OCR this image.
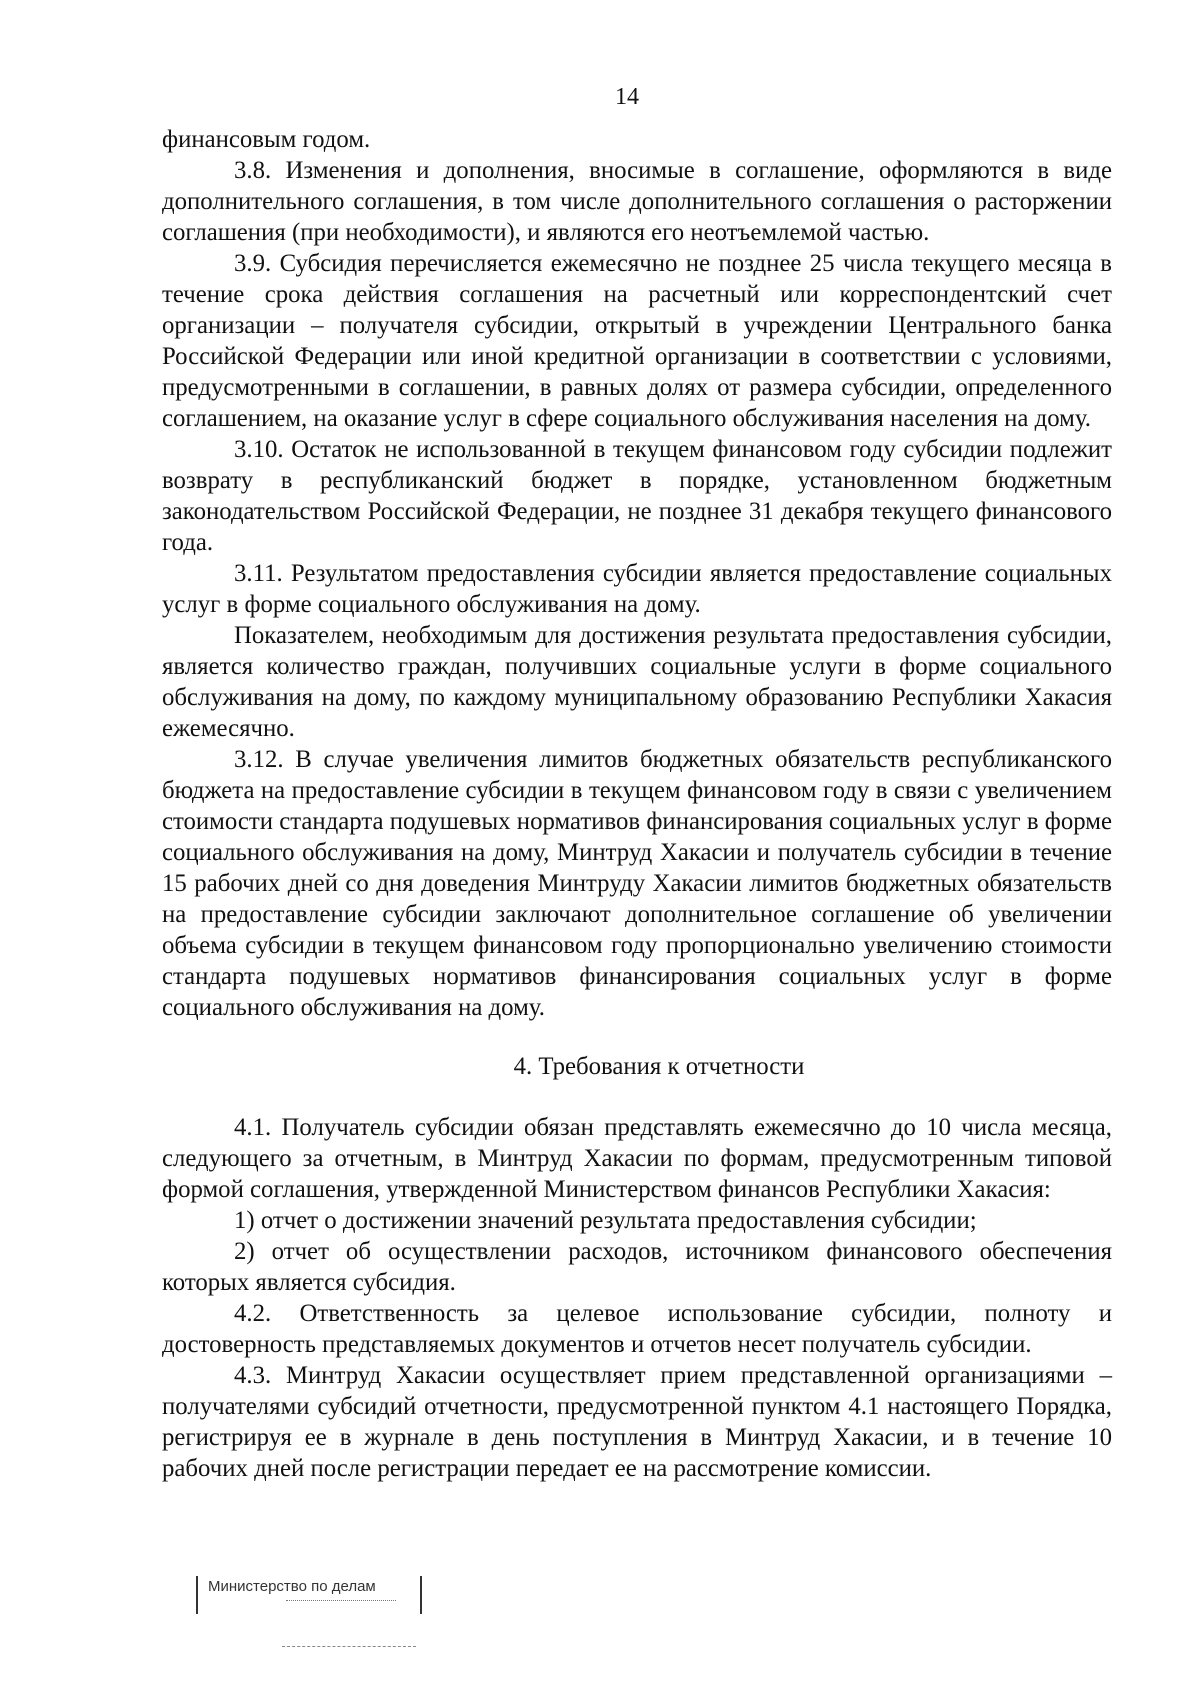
14

финансовым годом.

3.8. Изменения и дополнения, вносимые в соглашение, оформляются в виде дополнительного соглашения, в том числе дополнительного соглашения о расторжении соглашения (при необходимости), и являются его неотъемлемой частью.

3.9. Субсидия перечисляется ежемесячно не позднее 25 числа текущего месяца в течение срока действия соглашения на расчетный или корреспондентский счет организации – получателя субсидии, открытый в учреждении Центрального банка Российской Федерации или иной кредитной организации в соответствии с условиями, предусмотренными в соглашении, в равных долях от размера субсидии, определенного соглашением, на оказание услуг в сфере социального обслуживания населения на дому.

3.10. Остаток не использованной в текущем финансовом году субсидии подлежит возврату в республиканский бюджет в порядке, установленном бюджетным законодательством Российской Федерации, не позднее 31 декабря текущего финансового года.

3.11. Результатом предоставления субсидии является предоставление социальных услуг в форме социального обслуживания на дому.

Показателем, необходимым для достижения результата предоставления субсидии, является количество граждан, получивших социальные услуги в форме социального обслуживания на дому, по каждому муниципальному образованию Республики Хакасия ежемесячно.

3.12. В случае увеличения лимитов бюджетных обязательств республиканского бюджета на предоставление субсидии в текущем финансовом году в связи с увеличением стоимости стандарта подушевых нормативов финансирования социальных услуг в форме социального обслуживания на дому, Минтруд Хакасии и получатель субсидии в течение 15 рабочих дней со дня доведения Минтруду Хакасии лимитов бюджетных обязательств на предоставление субсидии заключают дополнительное соглашение об увеличении объема субсидии в текущем финансовом году пропорционально увеличению стоимости стандарта подушевых нормативов финансирования социальных услуг в форме социального обслуживания на дому.

4. Требования к отчетности

4.1. Получатель субсидии обязан представлять ежемесячно до 10 числа месяца, следующего за отчетным, в Минтруд Хакасии по формам, предусмотренным типовой формой соглашения, утвержденной Министерством финансов Республики Хакасия:

1) отчет о достижении значений результата предоставления субсидии;

2) отчет об осуществлении расходов, источником финансового обеспечения которых является субсидия.

4.2. Ответственность за целевое использование субсидии, полноту и достоверность представляемых документов и отчетов несет получатель субсидии.

4.3. Минтруд Хакасии осуществляет прием представленной организациями – получателями субсидий отчетности, предусмотренной пунктом 4.1 настоящего Порядка, регистрируя ее в журнале в день поступления в Минтруд Хакасии, и в течение 10 рабочих дней после регистрации передает ее на рассмотрение комиссии.

Министерство по делам
